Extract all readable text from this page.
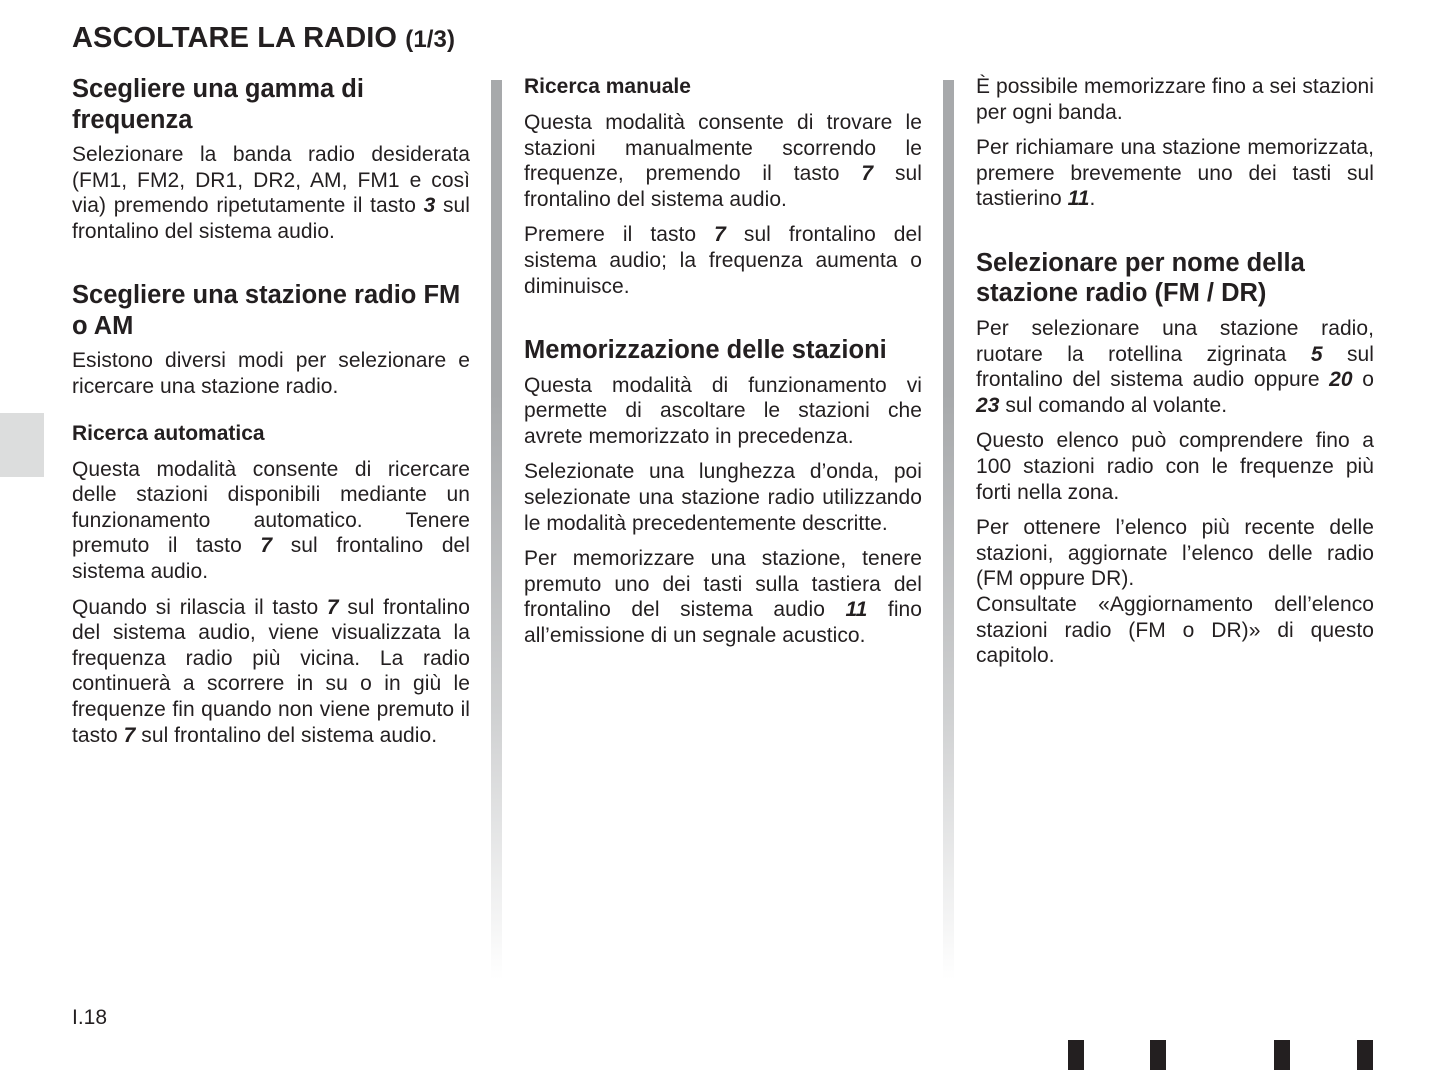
ASCOLTARE LA RADIO (1/3)
Scegliere una gamma di frequenza

Selezionare la banda radio desiderata (FM1, FM2, DR1, DR2, AM, FM1 e così via) premendo ripetutamente il tasto 3 sul frontalino del sistema audio.

Scegliere una stazione radio FM o AM

Esistono diversi modi per selezionare e ricercare una stazione radio.

Ricerca automatica

Questa modalità consente di ricercare delle stazioni disponibili mediante un funzionamento automatico. Tenere premuto il tasto 7 sul frontalino del sistema audio.

Quando si rilascia il tasto 7 sul frontalino del sistema audio, viene visualizzata la frequenza radio più vicina. La radio continuerà a scorrere in su o in giù le frequenze fin quando non viene premuto il tasto 7 sul frontalino del sistema audio.

Ricerca manuale

Questa modalità consente di trovare le stazioni manualmente scorrendo le frequenze, premendo il tasto 7 sul frontalino del sistema audio.

Premere il tasto 7 sul frontalino del sistema audio; la frequenza aumenta o diminuisce.

Memorizzazione delle stazioni

Questa modalità di funzionamento vi permette di ascoltare le stazioni che avrete memorizzato in precedenza.

Selezionate una lunghezza d’onda, poi selezionate una stazione radio utilizzando le modalità precedentemente descritte.

Per memorizzare una stazione, tenere premuto uno dei tasti sulla tastiera del frontalino del sistema audio 11 fino all’emissione di un segnale acustico.

È possibile memorizzare fino a sei stazioni per ogni banda.

Per richiamare una stazione memorizzata, premere brevemente uno dei tasti sul tastierino 11.

Selezionare per nome della stazione radio (FM / DR)

Per selezionare una stazione radio, ruotare la rotellina zigrinata 5 sul frontalino del sistema audio oppure 20 o 23 sul comando al volante.

Questo elenco può comprendere fino a 100 stazioni radio con le frequenze più forti nella zona.

Per ottenere l’elenco più recente delle stazioni, aggiornate l’elenco delle radio (FM oppure DR).

Consultate «Aggiornamento dell’elenco stazioni radio (FM o DR)» di questo capitolo.

I.18
